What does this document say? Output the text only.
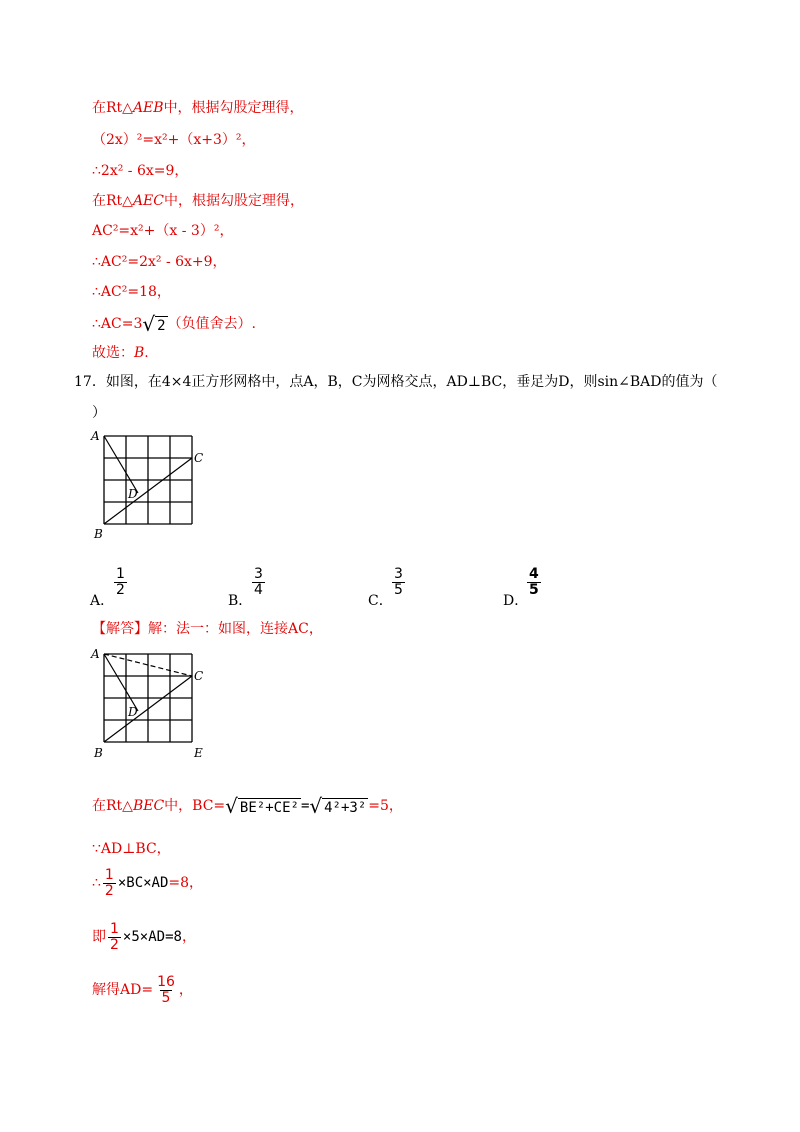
在Rt△AEB中，根据勾股定理得，
（2x）²=x²+（x+3）²，
∴2x² - 6x=9，
在Rt△AEC中，根据勾股定理得，
AC²=x²+（x - 3）²，
∴AC²=2x² - 6x+9，
∴AC²=18，
∴AC=3 √ 2 （负值舍去）.
故选：B.
17．如图，在4×4正方形网格中，点A，B，C为网格交点，AD⊥BC，垂足为D，则sin∠BAD的值为（
）
A
B
C
D
A．
$\frac{1}{2}$
B．
$\frac{3}{4}$
C．
$\frac{3}{5}$
D．
$\frac{4}{5}$
【解答】解：法一：如图，连接AC，
A
B
C
D
E
在Rt△BEC中，BC= √ BE²+CE² = √ 4²+3² =5，
∵AD⊥BC，
∴ $\frac{1}{2} \times BC\times AD=8$，
即 $\frac{1}{2} \times 5\times AD=8$，
解得$AD= \frac{16}{5}$ ，
